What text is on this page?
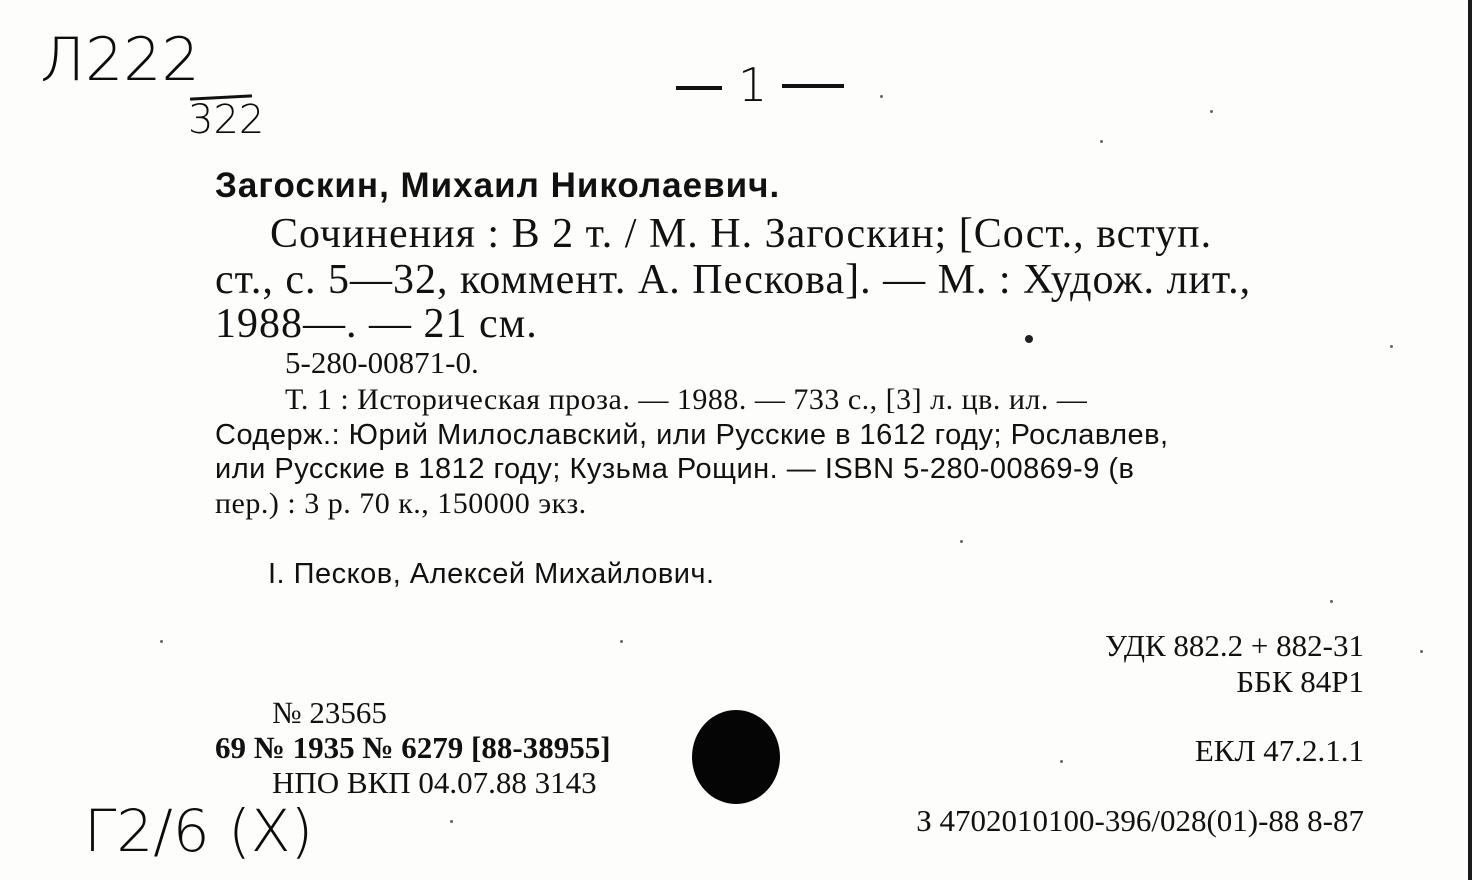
Л222
322
1
Загоскин, Михаил Николаевич.
Сочинения : В 2 т. / М. Н. Загоскин; [Сост., вступ.
ст., с. 5—32, коммент. А. Пескова]. — М. : Худож. лит.,
1988—. — 21 см.
5-280-00871-0.
Т. 1 : Историческая проза. — 1988. — 733 с., [3] л. цв. ил. —
Содерж.: Юрий Милославский, или Русские в 1612 году; Рославлев,
или Русские в 1812 году; Кузьма Рощин. — ISBN 5-280-00869-9 (в
пер.) : 3 р. 70 к., 150000 экз.
I. Песков, Алексей Михайлович.
УДК 882.2 + 882-31
ББК 84Р1
ЕКЛ 47.2.1.1
№ 23565
69 № 1935 № 6279 [88-38955]
НПО ВКП 04.07.88 3143
З 4702010100-396/028(01)-88 8-87
Г2/6 (Х)
